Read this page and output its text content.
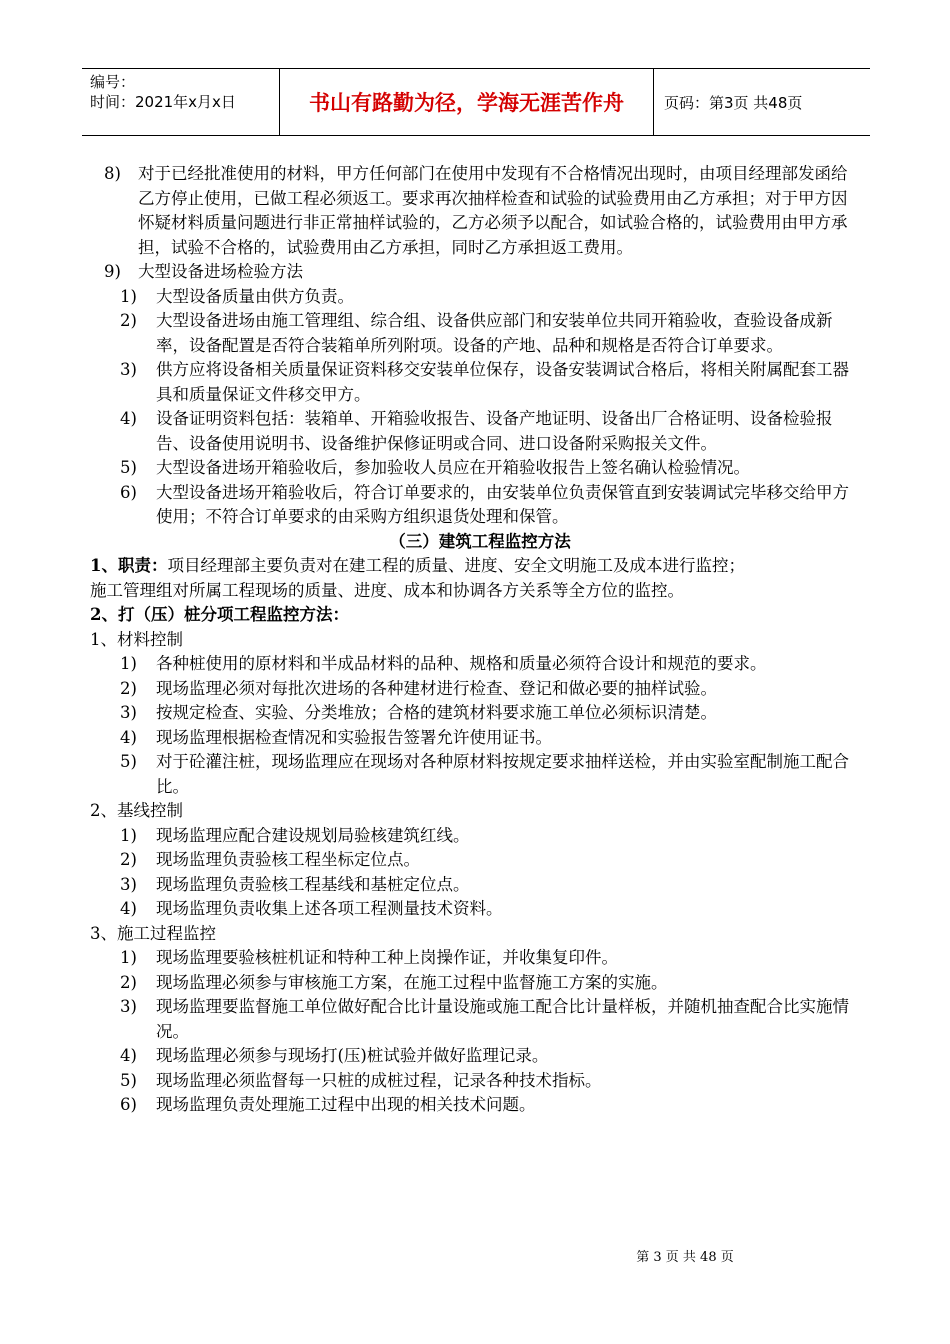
编号：
时间：2021年x月x日	书山有路勤为径，学海无涯苦作舟	页码：第3页 共48页
8)	对于已经批准使用的材料，甲方任何部门在使用中发现有不合格情况出现时，由项目经理部发函给乙方停止使用，已做工程必须返工。要求再次抽样检查和试验的试验费用由乙方承担；对于甲方因怀疑材料质量问题进行非正常抽样试验的，乙方必须予以配合，如试验合格的，试验费用由甲方承担，试验不合格的，试验费用由乙方承担，同时乙方承担返工费用。
9)	大型设备进场检验方法
1)	大型设备质量由供方负责。
2)	大型设备进场由施工管理组、综合组、设备供应部门和安装单位共同开箱验收，查验设备成新率，设备配置是否符合装箱单所列附项。设备的产地、品种和规格是否符合订单要求。
3)	供方应将设备相关质量保证资料移交安装单位保存，设备安装调试合格后，将相关附属配套工器具和质量保证文件移交甲方。
4)	设备证明资料包括：装箱单、开箱验收报告、设备产地证明、设备出厂合格证明、设备检验报告、设备使用说明书、设备维护保修证明或合同、进口设备附采购报关文件。
5)	大型设备进场开箱验收后，参加验收人员应在开箱验收报告上签名确认检验情况。
6)	大型设备进场开箱验收后，符合订单要求的，由安装单位负责保管直到安装调试完毕移交给甲方使用；不符合订单要求的由采购方组织退货处理和保管。
（三）建筑工程监控方法
1、职责：项目经理部主要负责对在建工程的质量、进度、安全文明施工及成本进行监控；
施工管理组对所属工程现场的质量、进度、成本和协调各方关系等全方位的监控。
2、打（压）桩分项工程监控方法：
1、材料控制
1)	各种桩使用的原材料和半成品材料的品种、规格和质量必须符合设计和规范的要求。
2)	现场监理必须对每批次进场的各种建材进行检查、登记和做必要的抽样试验。
3)	按规定检查、实验、分类堆放；合格的建筑材料要求施工单位必须标识清楚。
4)	现场监理根据检查情况和实验报告签署允许使用证书。
5)	对于砼灌注桩，现场监理应在现场对各种原材料按规定要求抽样送检，并由实验室配制施工配合比。
2、基线控制
1)	现场监理应配合建设规划局验核建筑红线。
2)	现场监理负责验核工程坐标定位点。
3)	现场监理负责验核工程基线和基桩定位点。
4)	现场监理负责收集上述各项工程测量技术资料。
3、施工过程监控
1)	现场监理要验核桩机证和特种工种上岗操作证，并收集复印件。
2)	现场监理必须参与审核施工方案，在施工过程中监督施工方案的实施。
3)	现场监理要监督施工单位做好配合比计量设施或施工配合比计量样板，并随机抽查配合比实施情况。
4)	现场监理必须参与现场打(压)桩试验并做好监理记录。
5)	现场监理必须监督每一只桩的成桩过程，记录各种技术指标。
6)	现场监理负责处理施工过程中出现的相关技术问题。
第 3 页 共 48 页
